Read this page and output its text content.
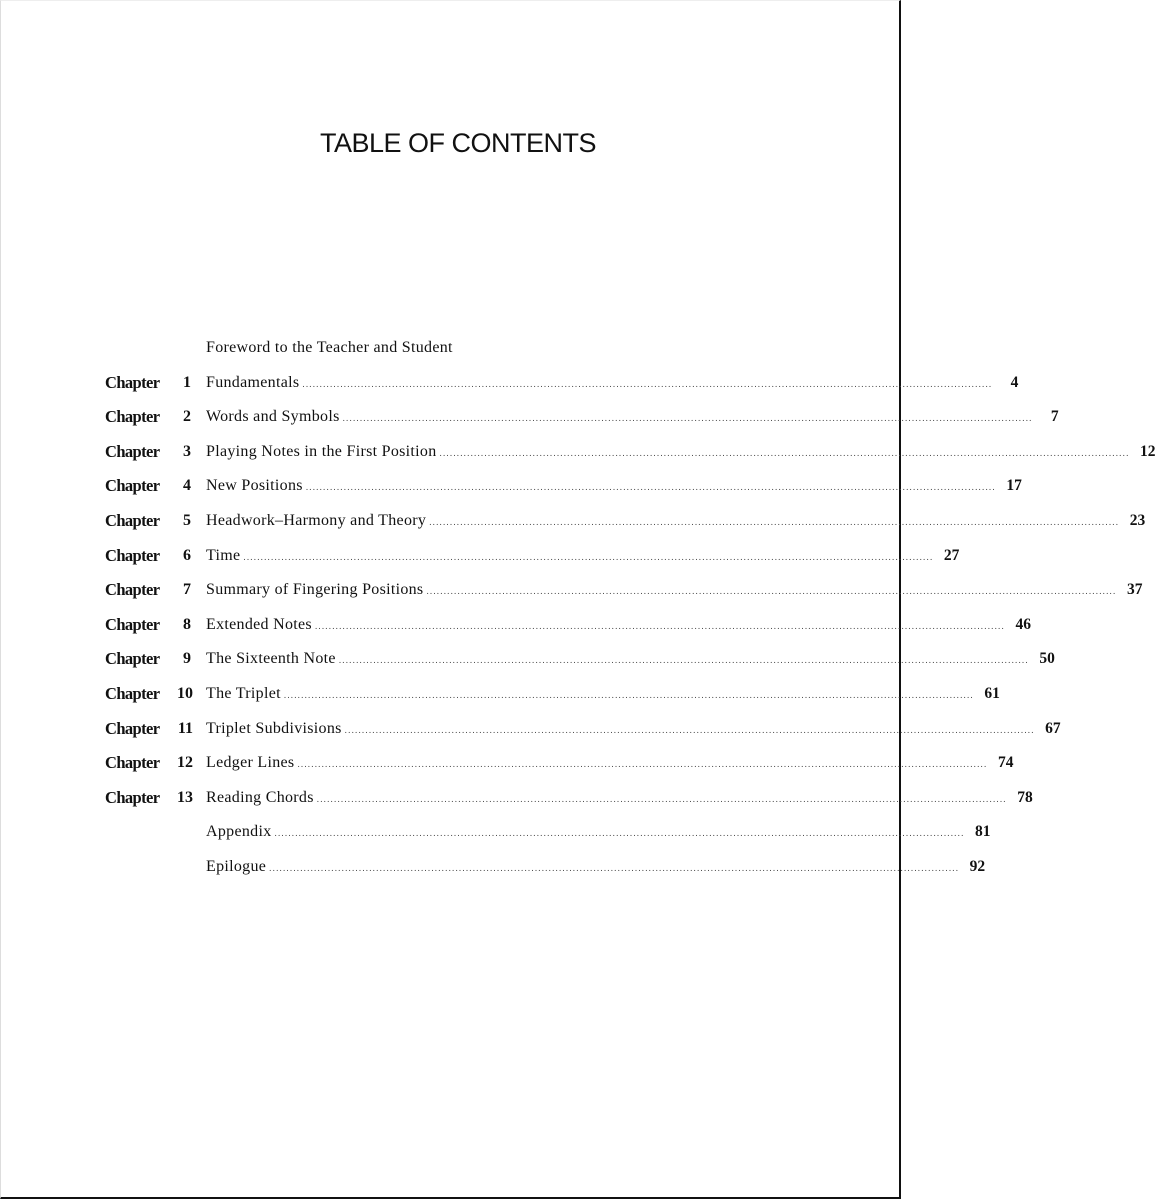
TABLE OF CONTENTS
Foreword to the Teacher and Student
Chapter	1 Fundamentals ........................................................................................................................................................................................................	4
Chapter	2 Words and Symbols ........................................................................................................................................................................................................	7
Chapter	3 Playing Notes in the First Position ........................................................................................................................................................................................................ 12
Chapter	4 New Positions ........................................................................................................................................................................................................ 17
Chapter	5 Headwork–Harmony and Theory ........................................................................................................................................................................................................ 23
Chapter	6 Time ........................................................................................................................................................................................................ 27
Chapter	7 Summary of Fingering Positions ........................................................................................................................................................................................................ 37
Chapter	8 Extended Notes ........................................................................................................................................................................................................ 46
Chapter	9 The Sixteenth Note ........................................................................................................................................................................................................ 50
Chapter	10 The Triplet ........................................................................................................................................................................................................ 61
Chapter	11 Triplet Subdivisions ........................................................................................................................................................................................................ 67
Chapter	12 Ledger Lines ........................................................................................................................................................................................................ 74
Chapter	13 Reading Chords ........................................................................................................................................................................................................ 78
Appendix ........................................................................................................................................................................................................ 81
Epilogue ........................................................................................................................................................................................................ 92
